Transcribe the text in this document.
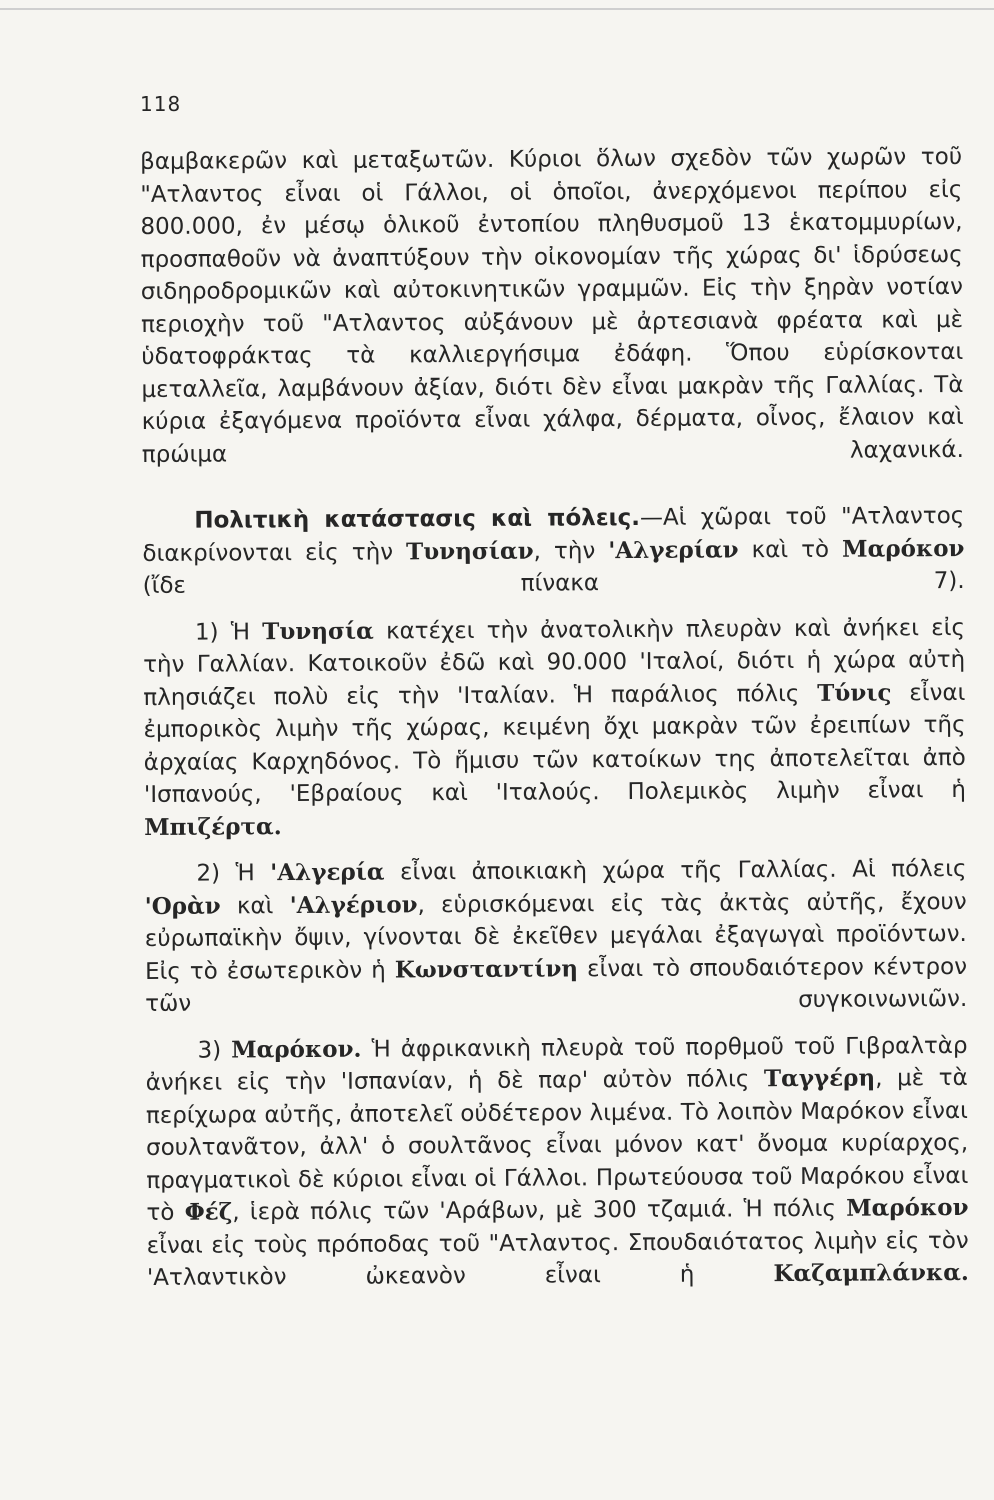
118

βαμβακερῶν καὶ μεταξωτῶν. Κύριοι ὅλων σχεδὸν τῶν χωρῶν τοῦ "Ατλαντος εἶναι οἱ Γάλλοι, οἱ ὁποῖοι, ἀνερχόμενοι περίπου εἰς 800.000, ἐν μέσῳ ὁλικοῦ ἐντοπίου πληθυσμοῦ 13 ἑκατομμυρίων, προσπαθοῦν νὰ ἀναπτύξουν τὴν οἰκονομίαν τῆς χώρας δι' ἱδρύσεως σιδηροδρομικῶν καὶ αὐτοκινητικῶν γραμμῶν. Εἰς τὴν ξηρὰν νοτίαν περιοχὴν τοῦ "Ατλαντος αὐξάνουν μὲ ἀρτεσιανὰ φρέατα καὶ μὲ ὑδατοφράκτας τὰ καλλιεργήσιμα ἐδάφη. Ὅπου εὑρίσκονται μεταλλεῖα, λαμβάνουν ἀξίαν, διότι δὲν εἶναι μακρὰν τῆς Γαλλίας. Τὰ κύρια ἐξαγόμενα προϊόντα εἶναι χάλφα, δέρματα, οἶνος, ἔλαιον καὶ πρώιμα λαχανικά.

Πολιτικὴ κατάστασις καὶ πόλεις.—Αἱ χῶραι τοῦ "Ατλαντος διακρίνονται εἰς τὴν Τυνησίαν, τὴν 'Αλγερίαν καὶ τὸ Μαρόκον (ἴδε πίνακα 7).

1) Ἡ Τυνησία κατέχει τὴν ἀνατολικὴν πλευρὰν καὶ ἀνήκει εἰς τὴν Γαλλίαν. Κατοικοῦν ἐδῶ καὶ 90.000 'Ιταλοί, διότι ἡ χώρα αὐτὴ πλησιάζει πολὺ εἰς τὴν 'Ιταλίαν. Ἡ παράλιος πόλις Τύνις εἶναι ἐμπορικὸς λιμὴν τῆς χώρας, κειμένη ὄχι μακρὰν τῶν ἐρειπίων τῆς ἀρχαίας Καρχηδόνος. Τὸ ἥμισυ τῶν κατοίκων της ἀποτελεῖται ἀπὸ 'Ισπανούς, 'Εβραίους καὶ 'Ιταλούς. Πολεμικὸς λιμὴν εἶναι ἡ Μπιζέρτα.

2) Ἡ 'Αλγερία εἶναι ἀποικιακὴ χώρα τῆς Γαλλίας. Αἱ πόλεις 'Ορὰν καὶ 'Αλγέριον, εὑρισκόμεναι εἰς τὰς ἀκτὰς αὐτῆς, ἔχουν εὐρωπαϊκὴν ὄψιν, γίνονται δὲ ἐκεῖθεν μεγάλαι ἐξαγωγαὶ προϊόντων. Εἰς τὸ ἐσωτερικὸν ἡ Κωνσταντίνη εἶναι τὸ σπουδαιότερον κέντρον τῶν συγκοινωνιῶν.

3) Μαρόκον. Ἡ ἀφρικανικὴ πλευρὰ τοῦ πορθμοῦ τοῦ Γιβραλτὰρ ἀνήκει εἰς τὴν 'Ισπανίαν, ἡ δὲ παρ' αὐτὸν πόλις Ταγγέρη, μὲ τὰ περίχωρα αὐτῆς, ἀποτελεῖ οὐδέτερον λιμένα. Τὸ λοιπὸν Μαρόκον εἶναι σουλτανᾶτον, ἀλλ' ὁ σουλτᾶνος εἶναι μόνον κατ' ὄνομα κυρίαρχος, πραγματικοὶ δὲ κύριοι εἶναι οἱ Γάλλοι. Πρωτεύουσα τοῦ Μαρόκου εἶναι τὸ Φέζ, ἱερὰ πόλις τῶν 'Αράβων, μὲ 300 τζαμιά. Ἡ πόλις Μαρόκον εἶναι εἰς τοὺς πρόποδας τοῦ "Ατλαντος. Σπουδαιότατος λιμὴν εἰς τὸν 'Ατλαντικὸν ὠκεανὸν εἶναι ἡ Καζαμπλάνκα.
